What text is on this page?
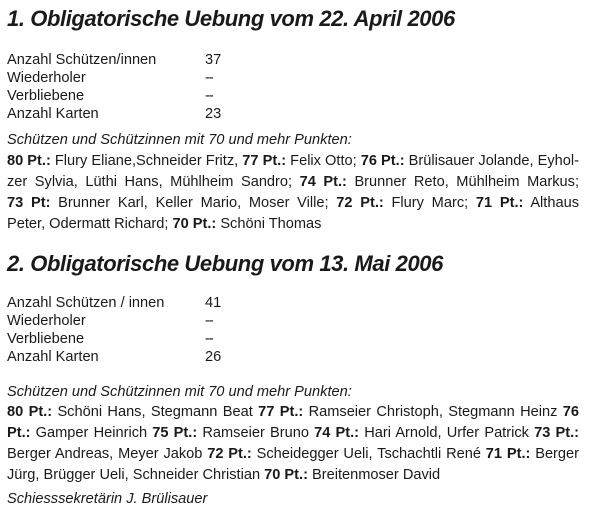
1. Obligatorische Uebung vom 22. April 2006
Anzahl Schützen/innen	37
Wiederholer	--
Verbliebene	--
Anzahl Karten	23

Schützen und Schützinnen mit 70 und mehr Punkten:

80 Pt.: Flury Eliane,Schneider Fritz, 77 Pt.: Felix Otto; 76 Pt.: Brülisauer Jolande, Eyhol-
zer Sylvia, Lüthi Hans, Mühlheim Sandro; 74 Pt.: Brunner Reto, Mühlheim Markus;
73 Pt: Brunner Karl, Keller Mario, Moser Ville; 72 Pt.: Flury Marc; 71 Pt.: Althaus
Peter, Odermatt Richard; 70 Pt.: Schöni Thomas
2. Obligatorische Uebung vom 13. Mai 2006
Anzahl Schützen / innen	41
Wiederholer	--
Verbliebene	--
Anzahl Karten	26

Schützen und Schützinnen mit 70 und mehr Punkten:

80 Pt.: Schöni Hans, Stegmann Beat 77 Pt.: Ramseier Christoph, Stegmann Heinz 76
Pt.: Gamper Heinrich 75 Pt.: Ramseier Bruno 74 Pt.: Hari Arnold, Urfer Patrick 73 Pt.:
Berger Andreas, Meyer Jakob 72 Pt.: Scheidegger Ueli, Tschachtli René 71 Pt.: Berger
Jürg, Brügger Ueli, Schneider Christian 70 Pt.: Breitenmoser David

Schiesssekretärin J. Brülisauer
